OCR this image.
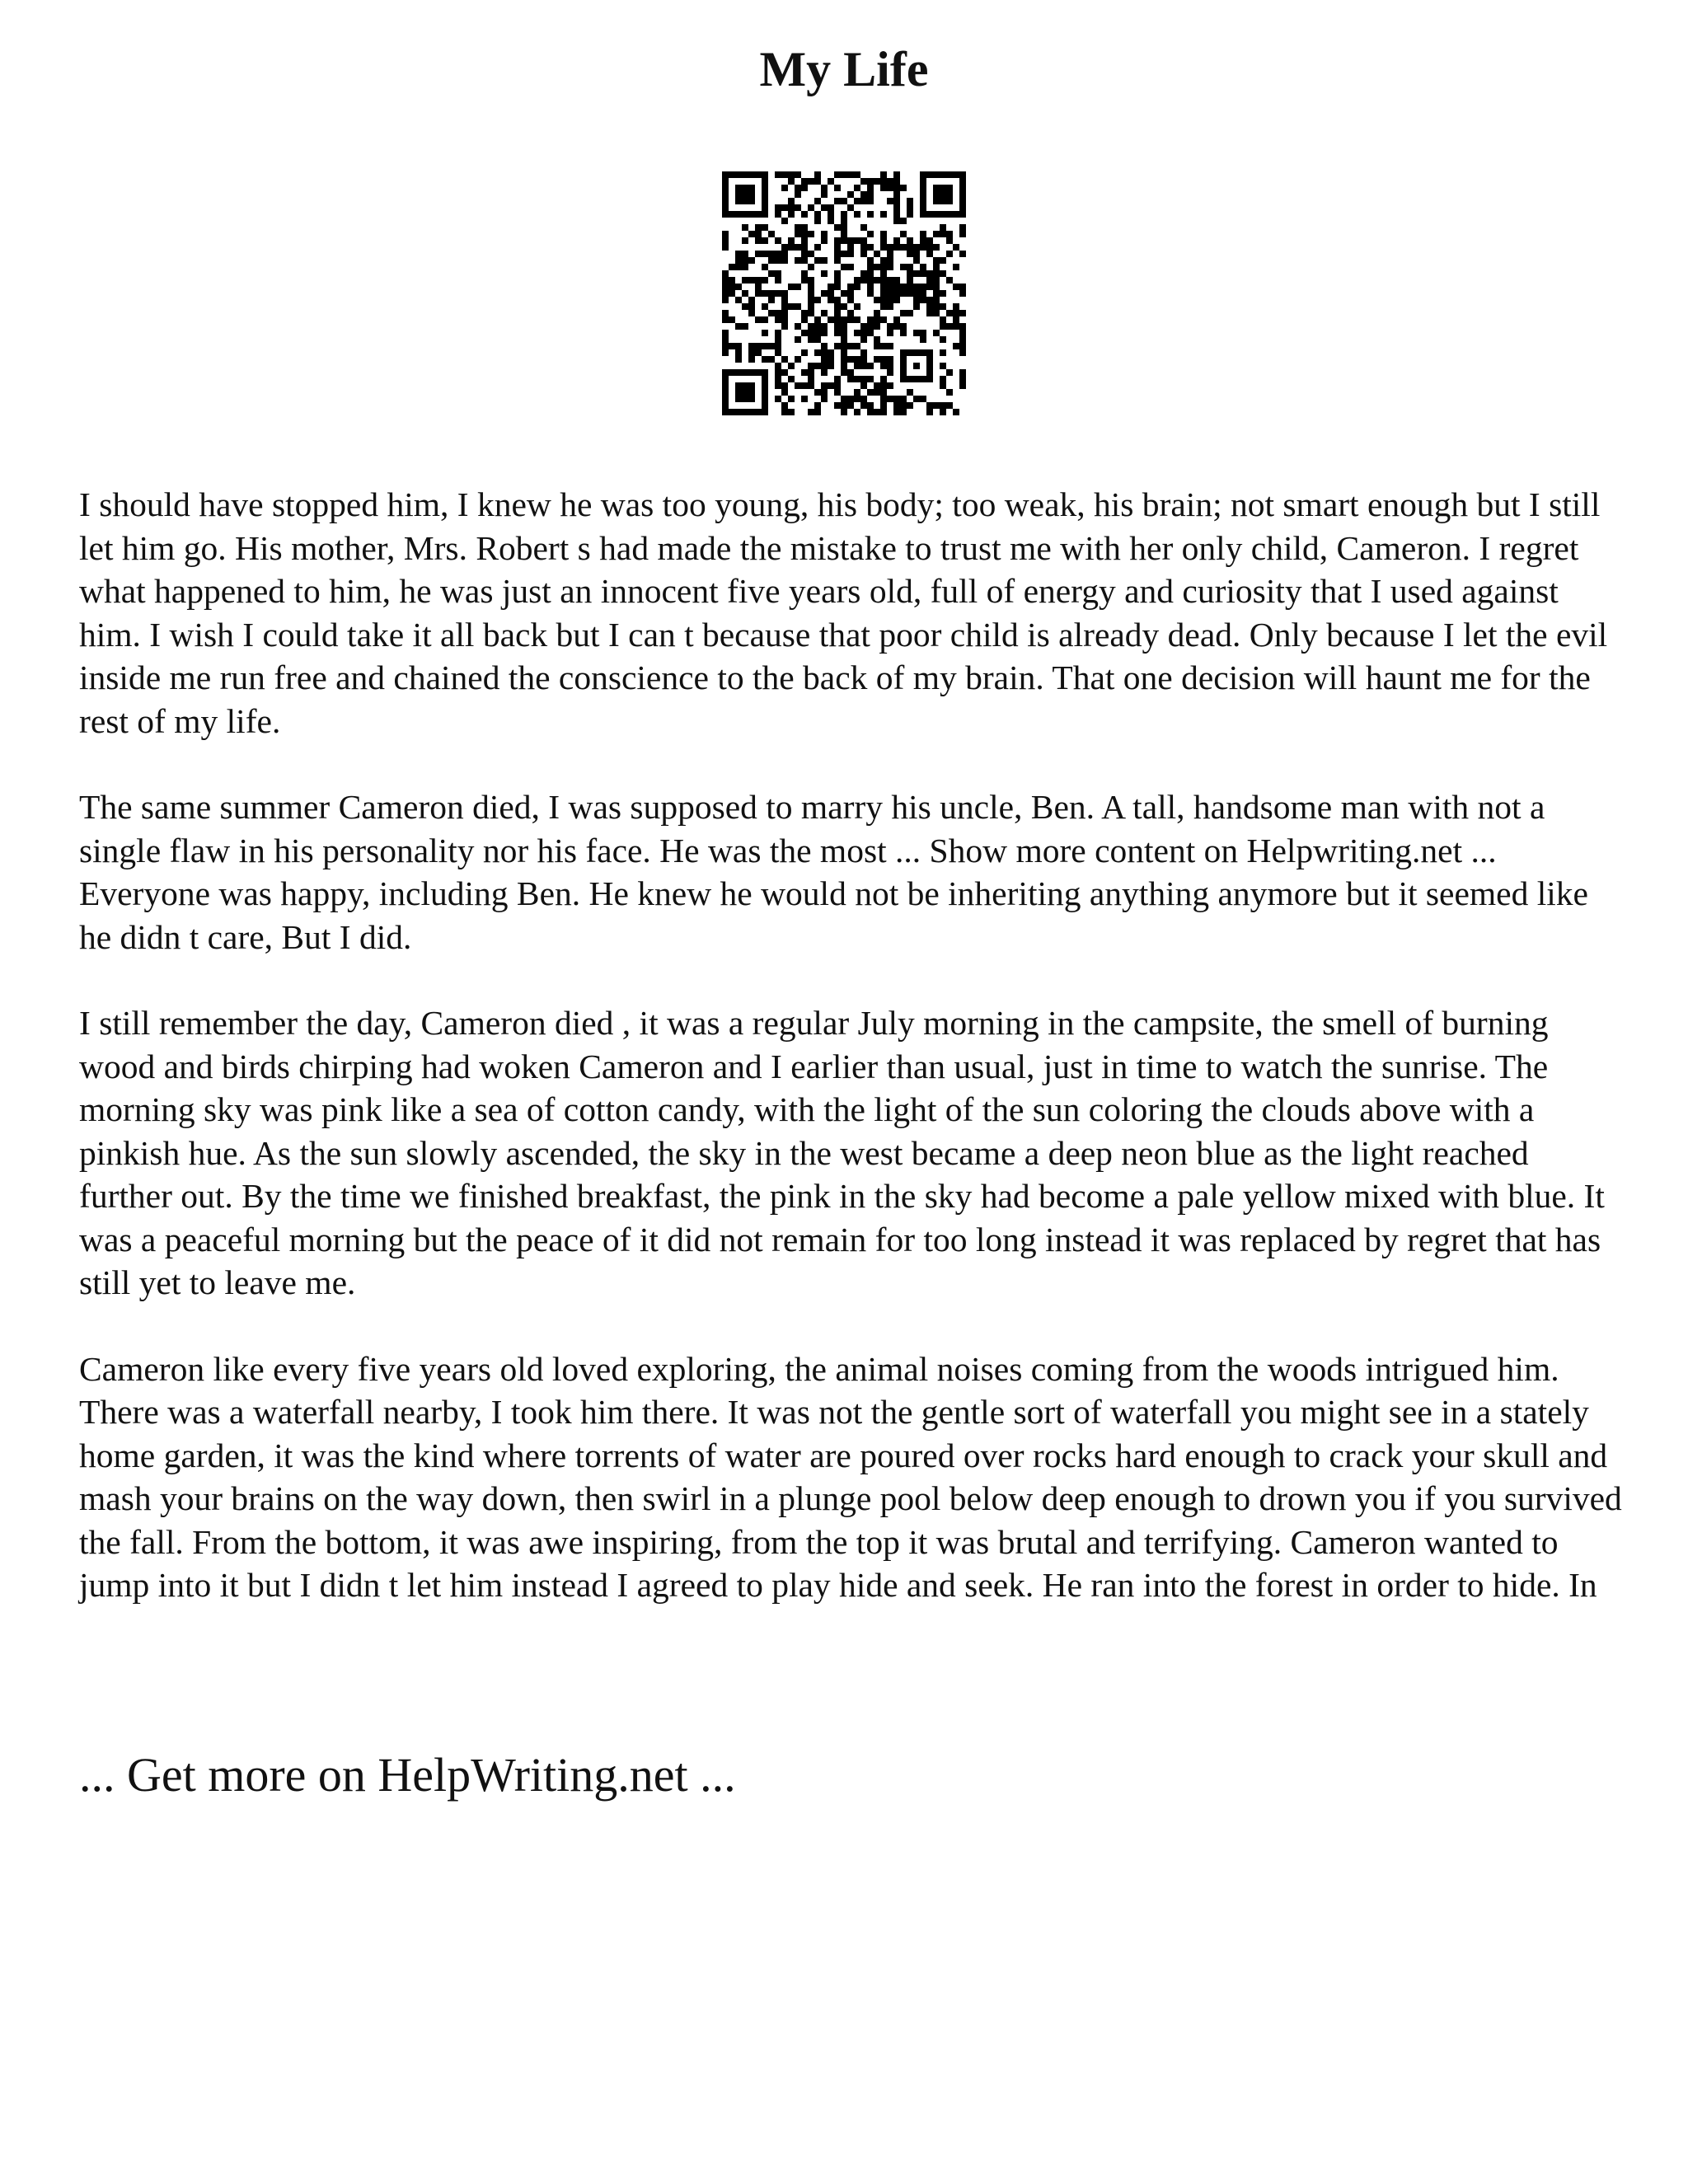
My Life

I should have stopped him, I knew he was too young, his body; too weak, his brain; not smart enough but I still let him go. His mother, Mrs. Robert s had made the mistake to trust me with her only child, Cameron. I regret what happened to him, he was just an innocent five years old, full of energy and curiosity that I used against him. I wish I could take it all back but I can t because that poor child is already dead. Only because I let the evil inside me run free and chained the conscience to the back of my brain. That one decision will haunt me for the rest of my life.

The same summer Cameron died, I was supposed to marry his uncle, Ben. A tall, handsome man with not a single flaw in his personality nor his face. He was the most ... Show more content on Helpwriting.net ...

Everyone was happy, including Ben. He knew he would not be inheriting anything anymore but it seemed like he didn t care, But I did.

I still remember the day, Cameron died , it was a regular July morning in the campsite, the smell of burning wood and birds chirping had woken Cameron and I earlier than usual, just in time to watch the sunrise. The morning sky was pink like a sea of cotton candy, with the light of the sun coloring the clouds above with a pinkish hue. As the sun slowly ascended, the sky in the west became a deep neon blue as the light reached further out. By the time we finished breakfast, the pink in the sky had become a pale yellow mixed with blue. It was a peaceful morning but the peace of it did not remain for too long instead it was replaced by regret that has still yet to leave me.

Cameron like every five years old loved exploring, the animal noises coming from the woods intrigued him. There was a waterfall nearby, I took him there. It was not the gentle sort of waterfall you might see in a stately home garden, it was the kind where torrents of water are poured over rocks hard enough to crack your skull and mash your brains on the way down, then swirl in a plunge pool below deep enough to drown you if you survived the fall. From the bottom, it was awe inspiring, from the top it was brutal and terrifying. Cameron wanted to jump into it but I didn t let him instead I agreed to play hide and seek. He ran into the forest in order to hide. In

... Get more on HelpWriting.net ...
